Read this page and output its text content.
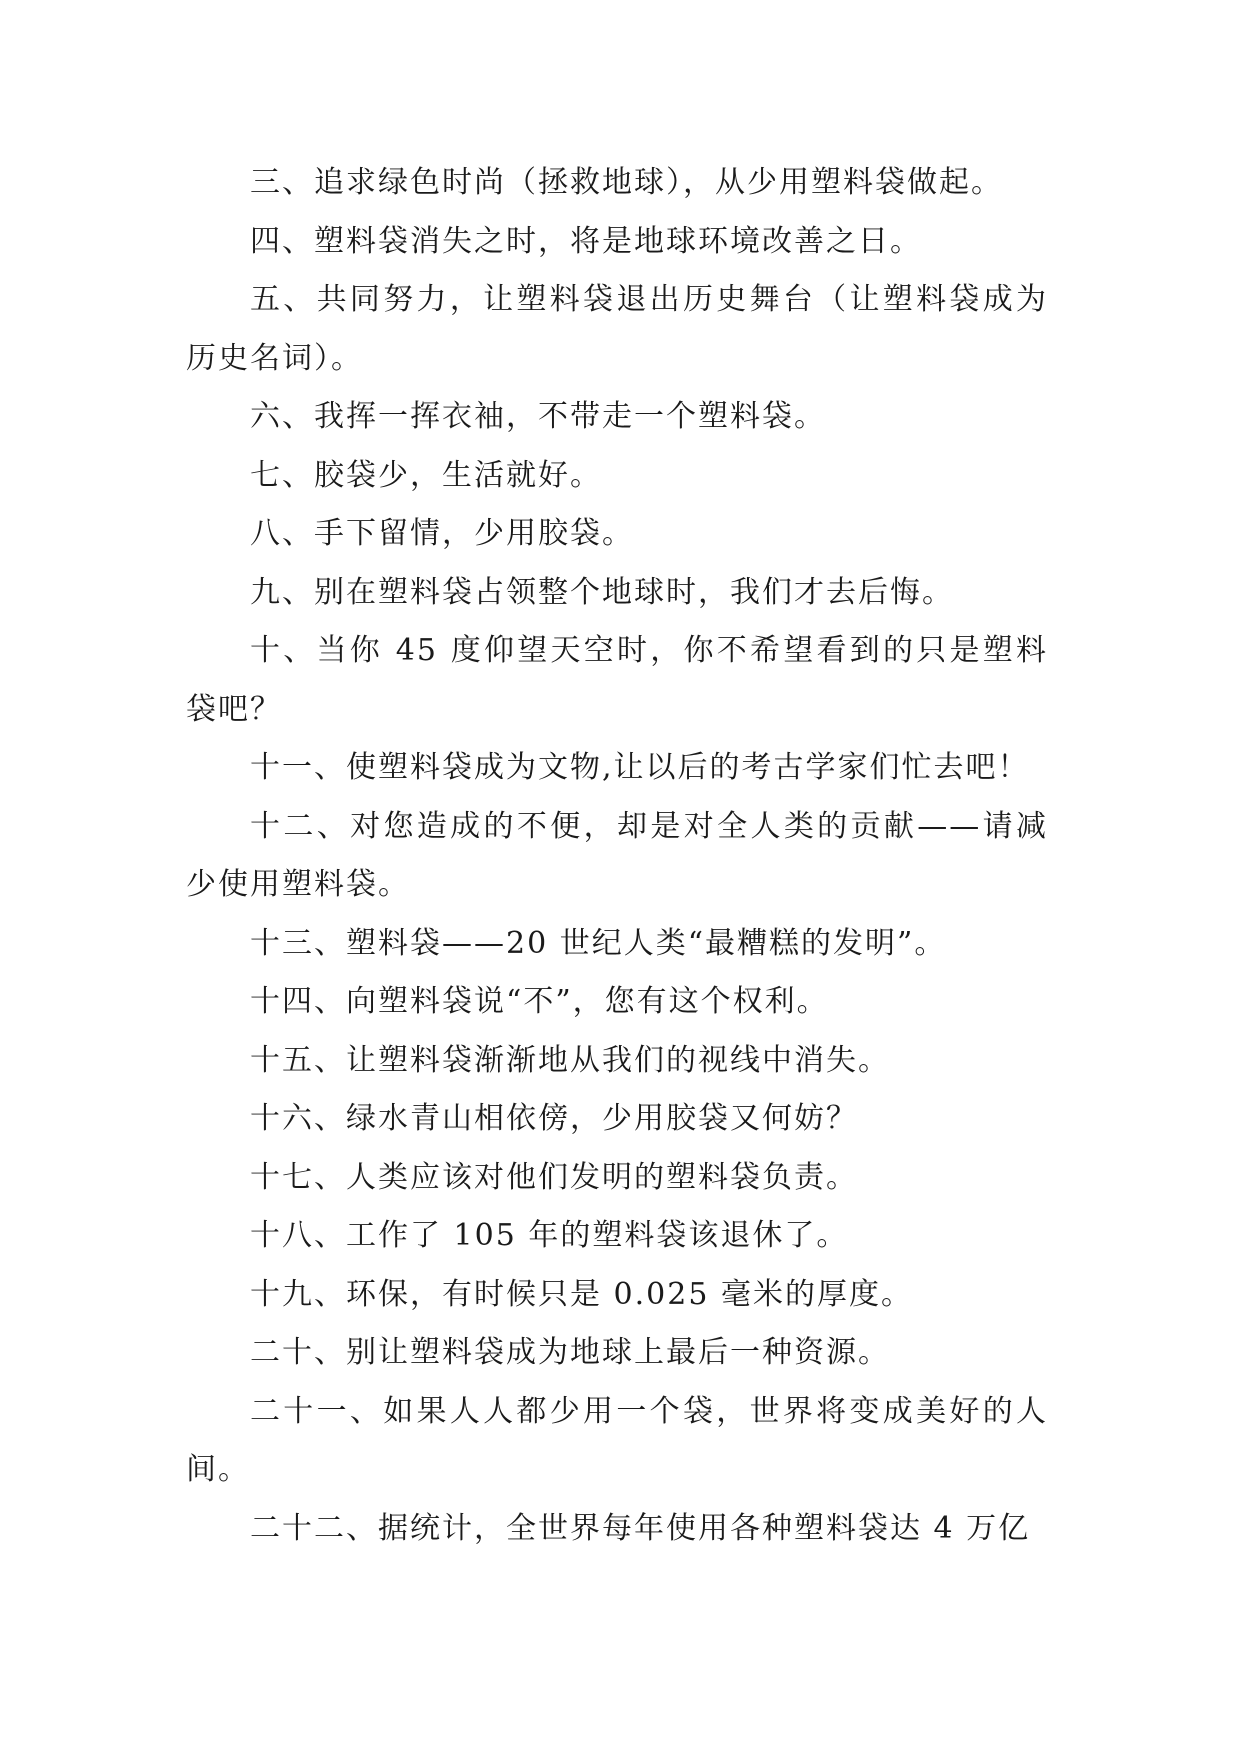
三、追求绿色时尚（拯救地球），从少用塑料袋做起。

四、塑料袋消失之时，将是地球环境改善之日。

五、共同努力，让塑料袋退出历史舞台（让塑料袋成为历史名词）。

六、我挥一挥衣袖，不带走一个塑料袋。

七、胶袋少，生活就好。

八、手下留情，少用胶袋。

九、别在塑料袋占领整个地球时，我们才去后悔。

十、当你 45 度仰望天空时，你不希望看到的只是塑料袋吧？

十一、使塑料袋成为文物,让以后的考古学家们忙去吧！

十二、对您造成的不便，却是对全人类的贡献——请减少使用塑料袋。

十三、塑料袋——20 世纪人类“最糟糕的发明”。

十四、向塑料袋说“不”，您有这个权利。

十五、让塑料袋渐渐地从我们的视线中消失。

十六、绿水青山相依傍，少用胶袋又何妨？

十七、人类应该对他们发明的塑料袋负责。

十八、工作了 105 年的塑料袋该退休了。

十九、环保，有时候只是 0.025 毫米的厚度。

二十、别让塑料袋成为地球上最后一种资源。

二十一、如果人人都少用一个袋，世界将变成美好的人间。

二十二、据统计，全世界每年使用各种塑料袋达 4 万亿
